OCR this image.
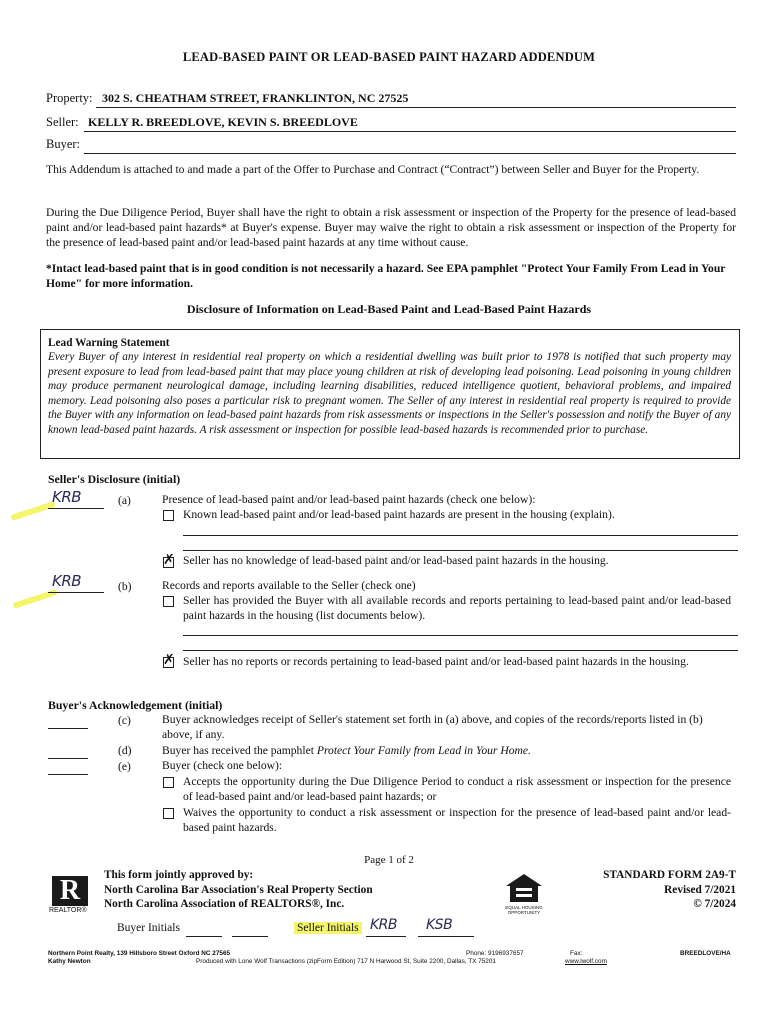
LEAD-BASED PAINT OR LEAD-BASED PAINT HAZARD ADDENDUM
Property: 302 S. CHEATHAM STREET, FRANKLINTON, NC 27525
Seller: KELLY R. BREEDLOVE, KEVIN S. BREEDLOVE
Buyer:
This Addendum is attached to and made a part of the Offer to Purchase and Contract (“Contract”) between Seller and Buyer for the Property.
During the Due Diligence Period, Buyer shall have the right to obtain a risk assessment or inspection of the Property for the presence of lead-based paint and/or lead-based paint hazards* at Buyer's expense. Buyer may waive the right to obtain a risk assessment or inspection of the Property for the presence of lead-based paint and/or lead-based paint hazards at any time without cause.
*Intact lead-based paint that is in good condition is not necessarily a hazard. See EPA pamphlet "Protect Your Family From Lead in Your Home" for more information.
Disclosure of Information on Lead-Based Paint and Lead-Based Paint Hazards
Lead Warning Statement
Every Buyer of any interest in residential real property on which a residential dwelling was built prior to 1978 is notified that such property may present exposure to lead from lead-based paint that may place young children at risk of developing lead poisoning. Lead poisoning in young children may produce permanent neurological damage, including learning disabilities, reduced intelligence quotient, behavioral problems, and impaired memory. Lead poisoning also poses a particular risk to pregnant women. The Seller of any interest in residential real property is required to provide the Buyer with any information on lead-based paint hazards from risk assessments or inspections in the Seller's possession and notify the Buyer of any known lead-based paint hazards. A risk assessment or inspection for possible lead-based hazards is recommended prior to purchase.
Seller's Disclosure (initial)
KRB	(a)	Presence of lead-based paint and/or lead-based paint hazards (check one below):
Known lead-based paint and/or lead-based paint hazards are present in the housing (explain).
✗ Seller has no knowledge of lead-based paint and/or lead-based paint hazards in the housing.
KRB	(b)	Records and reports available to the Seller (check one)
Seller has provided the Buyer with all available records and reports pertaining to lead-based paint and/or lead-based paint hazards in the housing (list documents below).
✗ Seller has no reports or records pertaining to lead-based paint and/or lead-based paint hazards in the housing.
Buyer's Acknowledgement (initial)
(c)	Buyer acknowledges receipt of Seller's statement set forth in (a) above, and copies of the records/reports listed in (b) above, if any.
(d)	Buyer has received the pamphlet Protect Your Family from Lead in Your Home.
(e)	Buyer (check one below):
Accepts the opportunity during the Due Diligence Period to conduct a risk assessment or inspection for the presence of lead-based paint and/or lead-based paint hazards; or
Waives the opportunity to conduct a risk assessment or inspection for the presence of lead-based paint and/or lead-based paint hazards.
Page 1 of 2
R
REALTOR®
This form jointly approved by:
North Carolina Bar Association's Real Property Section
North Carolina Association of REALTORS®, Inc.	EQUAL HOUSING OPPORTUNITY
STANDARD FORM 2A9-T
Revised 7/2021
© 7/2024
Buyer Initials	Seller Initials KRB KSB
Northern Point Realty, 139 Hillsboro Street Oxford NC 27565
Kathy Newton
Phone: 9196937657	Fax:	BREEDLOVE/HA
Produced with Lone Wolf Transactions (zipForm Edition) 717 N Harwood St, Suite 2200, Dallas, TX 75201	www.lwolf.com
